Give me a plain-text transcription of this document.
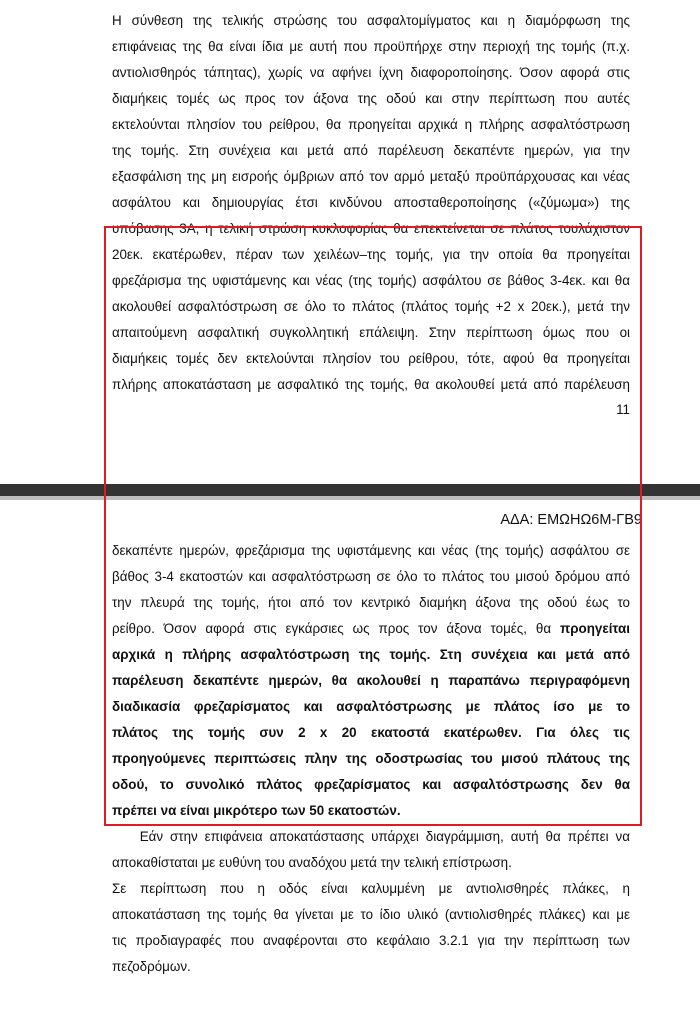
Η σύνθεση της τελικής στρώσης του ασφαλτομίγματος και η διαμόρφωση της
επιφάνειας της θα είναι ίδια με αυτή που προϋπήρχε στην περιοχή της τομής (π.χ.
αντιολισθηρός τάπητας), χωρίς να αφήνει ίχνη διαφοροποίησης. Όσον αφορά στις
διαμήκεις τομές ως προς τον άξονα της οδού και στην περίπτωση που αυτές
εκτελούνται πλησίον του ρείθρου, θα προηγείται αρχικά η πλήρης ασφαλτόστρωση
της τομής. Στη συνέχεια και μετά από παρέλευση δεκαπέντε ημερών, για την
εξασφάλιση της μη εισροής όμβριων από τον αρμό μεταξύ προϋπάρχουσας και νέας
ασφάλτου και δημιουργίας έτσι κινδύνου αποσταθεροποίησης («ζύμωμα») της
υπόβασης 3Α, η τελική στρώση κυκλοφορίας θα επεκτείνεται σε πλάτος τουλάχιστον
20εκ. εκατέρωθεν, πέραν των χειλέων–της τομής, για την οποία θα προηγείται
φρεζάρισμα της υφιστάμενης και νέας (της τομής) ασφάλτου σε βάθος 3-4εκ. και θα
ακολουθεί ασφαλτόστρωση σε όλο το πλάτος (πλάτος τομής +2 x 20εκ.), μετά την
απαιτούμενη ασφαλτική συγκολλητική επάλειψη. Στην περίπτωση όμως που οι
διαμήκεις τομές δεν εκτελούνται πλησίον του ρείθρου, τότε, αφού θα προηγείται
πλήρης αποκατάσταση με ασφαλτικό της τομής, θα ακολουθεί μετά από παρέλευση
11
ΑΔΑ: ΕΜΩΗΩ6Μ-ΓΒ9
δεκαπέντε ημερών, φρεζάρισμα της υφιστάμενης και νέας (της τομής) ασφάλτου σε
βάθος 3-4 εκατοστών και ασφαλτόστρωση σε όλο το πλάτος του μισού δρόμου από
την πλευρά της τομής, ήτοι από τον κεντρικό διαμήκη άξονα της οδού έως το
ρείθρο. Όσον αφορά στις εγκάρσιες ως προς τον άξονα τομές, θα προηγείται
αρχικά η πλήρης ασφαλτόστρωση της τομής. Στη συνέχεια και μετά από
παρέλευση δεκαπέντε ημερών, θα ακολουθεί η παραπάνω περιγραφόμενη
διαδικασία φρεζαρίσματος και ασφαλτόστρωσης με πλάτος ίσο με το
πλάτος της τομής συν 2 x 20 εκατοστά εκατέρωθεν. Για όλες τις
προηγούμενες περιπτώσεις πλην της οδοστρωσίας του μισού πλάτους της
οδού, το συνολικό πλάτος φρεζαρίσματος και ασφαλτόστρωσης δεν θα
πρέπει να είναι μικρότερο των 50 εκατοστών.
Εάν στην επιφάνεια αποκατάστασης υπάρχει διαγράμμιση, αυτή θα πρέπει να
αποκαθίσταται με ευθύνη του αναδόχου μετά την τελική επίστρωση.
Σε περίπτωση που η οδός είναι καλυμμένη με αντιολισθηρές πλάκες, η
αποκατάσταση της τομής θα γίνεται με το ίδιο υλικό (αντιολισθηρές πλάκες) και με
τις προδιαγραφές που αναφέρονται στο κεφάλαιο 3.2.1 για την περίπτωση των
πεζοδρόμων.
